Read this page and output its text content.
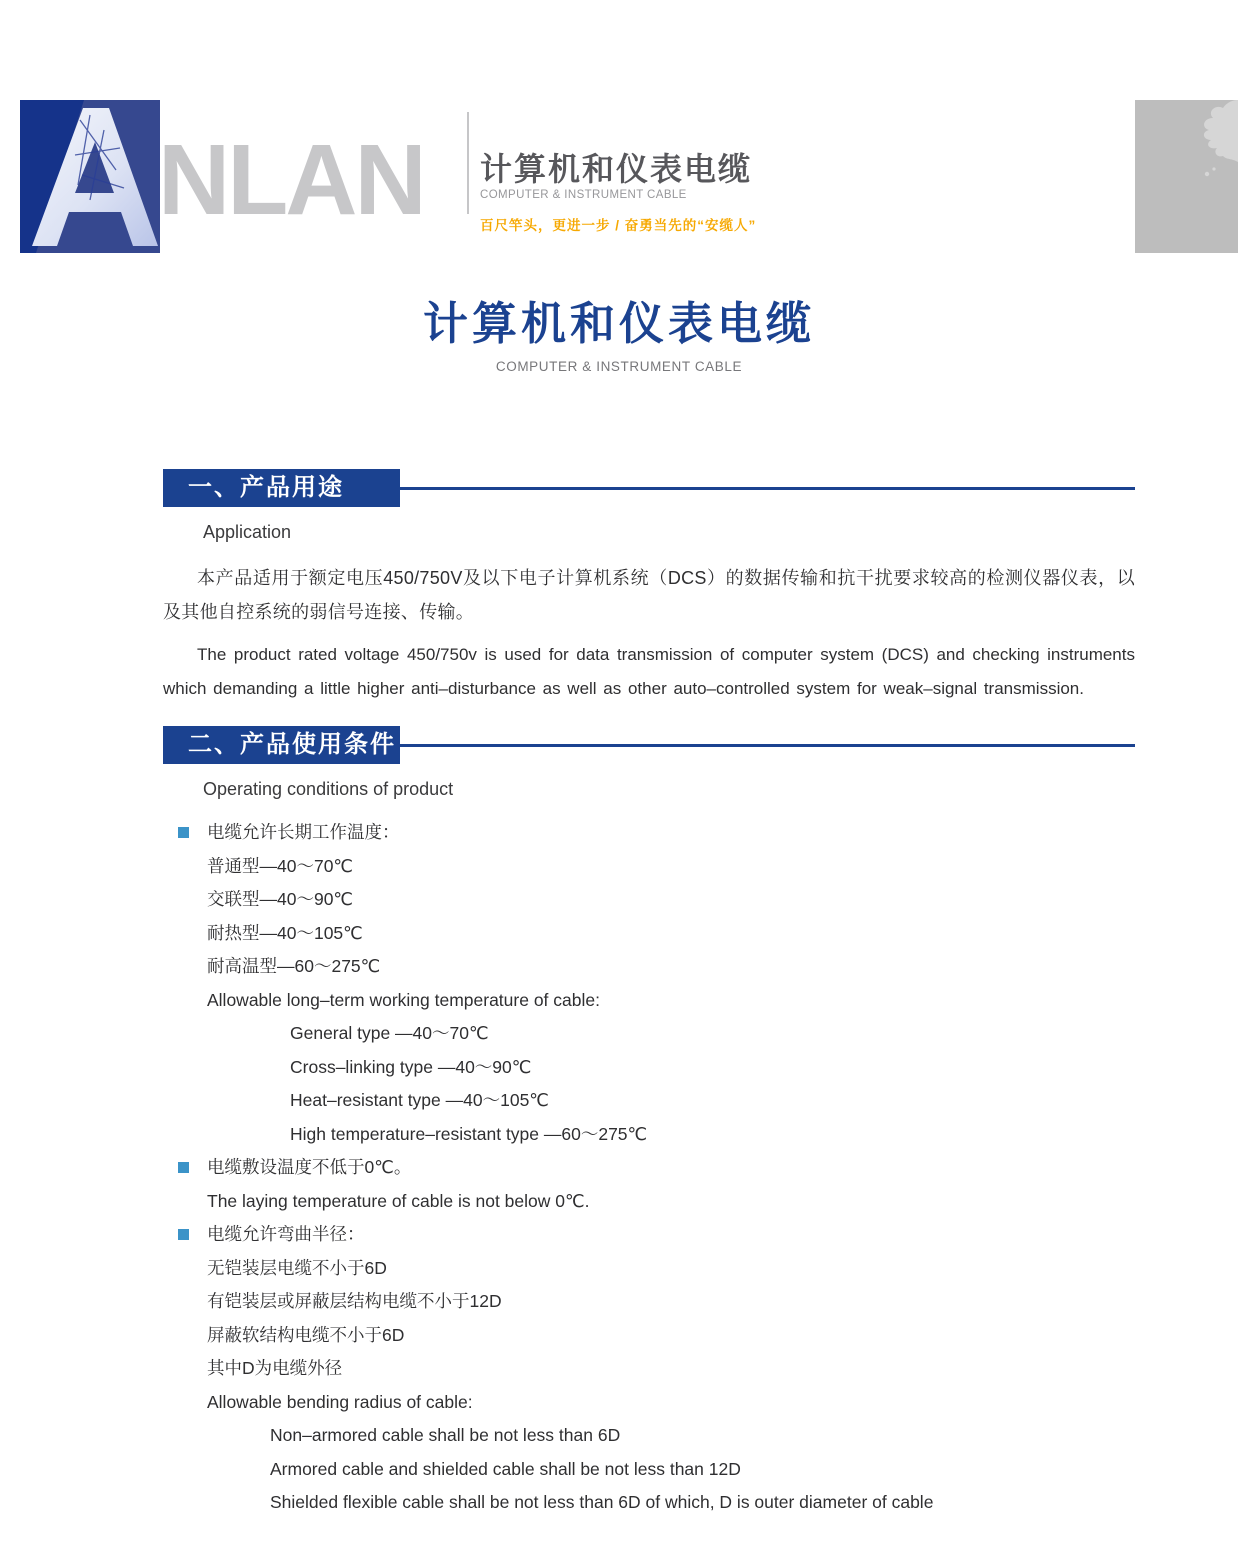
NLAN 计算机和仪表电缆
COMPUTER & INSTRUMENT CABLE
百尺竿头，更进一步 / 奋勇当先的“安缆人”
计算机和仪表电缆
COMPUTER & INSTRUMENT CABLE
一、产品用途
Application

本产品适用于额定电压450/750V及以下电子计算机系统（DCS）的数据传输和抗干扰要求较高的检测仪器仪表，以及其他自控系统的弱信号连接、传输。

The product rated voltage 450/750v is used for data transmission of computer system (DCS) and checking instruments which demanding a little higher anti–disturbance as well as other auto–controlled system for weak–signal transmission.

二、产品使用条件
Operating conditions of product
电缆允许长期工作温度：
普通型—40～70℃
交联型—40～90℃
耐热型—40～105℃
耐高温型—60～275℃
Allowable long–term working temperature of cable:
General type —40～70℃
Cross–linking type —40～90℃
Heat–resistant type —40～105℃
High temperature–resistant type —60～275℃
电缆敷设温度不低于0℃。
The laying temperature of cable is not below 0℃.
电缆允许弯曲半径：
无铠装层电缆不小于6D
有铠装层或屏蔽层结构电缆不小于12D
屏蔽软结构电缆不小于6D
其中D为电缆外径
Allowable bending radius of cable:
Non–armored cable shall be not less than 6D
Armored cable and shielded cable shall be not less than 12D
Shielded flexible cable shall be not less than 6D of which, D is outer diameter of cable
